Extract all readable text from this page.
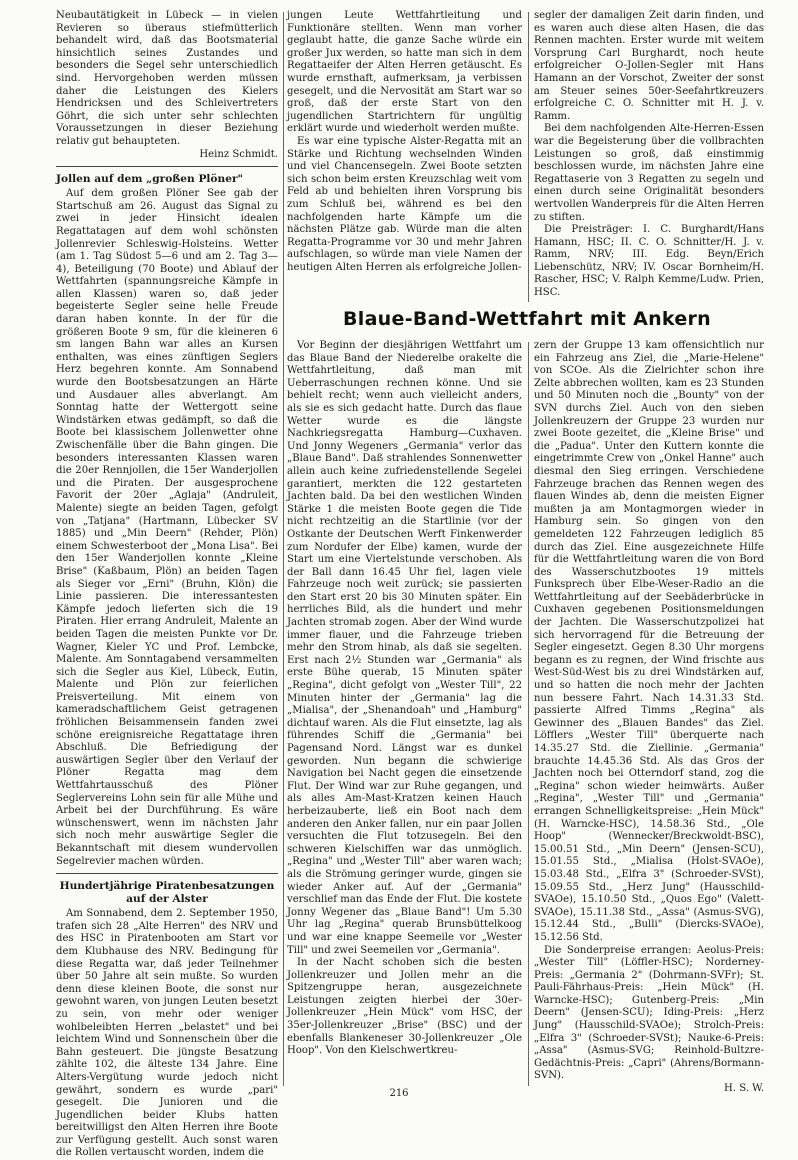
Neubautätigkeit in Lübeck — in vielen Revieren so überaus stiefmütterlich behandelt wird, daß das Bootsmaterial hinsichtlich seines Zustandes und besonders die Segel sehr unterschiedlich sind. Hervorgehoben werden müssen daher die Leistungen des Kielers Hendricksen und des Schleivertreters Göhrt, die sich unter sehr schlechten Voraussetzungen in dieser Beziehung relativ gut behaupteten.

Heinz Schmidt.

Jollen auf dem „großen Plöner"

Auf dem großen Plöner See gab der Startschuß am 26. August das Signal zu zwei in jeder Hinsicht idealen Regattatagen auf dem wohl schönsten Jollenrevier Schleswig-Holsteins. Wetter (am 1. Tag Südost 5—6 und am 2. Tag 3—4), Beteiligung (70 Boote) und Ablauf der Wettfahrten (spannungsreiche Kämpfe in allen Klassen) waren so, daß jeder begeisterte Segler seine helle Freude daran haben konnte. In der für die größeren Boote 9 sm, für die kleineren 6 sm langen Bahn war alles an Kursen enthalten, was eines zünftigen Seglers Herz begehren konnte. Am Sonnabend wurde den Bootsbesatzungen an Härte und Ausdauer alles abverlangt. Am Sonntag hatte der Wettergott seine Windstärken etwas gedämpft, so daß die Boote bei klassischem Jollenwetter ohne Zwischenfälle über die Bahn gingen. Die besonders interessanten Klassen waren die 20er Rennjollen, die 15er Wanderjollen und die Piraten. Der ausgesprochene Favorit der 20er „Aglaja" (Andruleit, Malente) siegte an beiden Tagen, gefolgt von „Tatjana" (Hartmann, Lübecker SV 1885) und „Min Deern" (Rehder, Plön) einem Schwesterboot der „Mona Lisa". Bei den 15er Wanderjollen konnte „Kleine Brise" (Kaßbaum, Plön) an beiden Tagen als Sieger vor „Erni" (Bruhn, Klön) die Linie passieren. Die interessantesten Kämpfe jedoch lieferten sich die 19 Piraten. Hier errang Andruleit, Malente an beiden Tagen die meisten Punkte vor Dr. Wagner, Kieler YC und Prof. Lembcke, Malente. Am Sonntagabend versammelten sich die Segler aus Kiel, Lübeck, Eutin, Malente und Plön zur feierlichen Preisverteilung. Mit einem von kameradschaftlichem Geist getragenen fröhlichen Beisammensein fanden zwei schöne ereignisreiche Regattatage ihren Abschluß. Die Befriedigung der auswärtigen Segler über den Verlauf der Plöner Regatta mag dem Wettfahrtausschuß des Plöner Seglervereins Lohn sein für alle Mühe und Arbeit bei der Durchführung. Es wäre wünschenswert, wenn im nächsten Jahr sich noch mehr auswärtige Segler die Bekanntschaft mit diesem wundervollen Segelrevier machen würden.

Hundertjährige Piratenbesatzungen auf der Alster

Am Sonnabend, dem 2. September 1950, trafen sich 28 „Alte Herren" des NRV und des HSC in Piratenbooten am Start vor dem Klubhause des NRV. Bedingung für diese Regatta war, daß jeder Teilnehmer über 50 Jahre alt sein mußte. So wurden denn diese kleinen Boote, die sonst nur gewohnt waren, von jungen Leuten besetzt zu sein, von mehr oder weniger wohlbeleibten Herren „belastet" und bei leichtem Wind und Sonnenschein über die Bahn gesteuert. Die jüngste Besatzung zählte 102, die älteste 134 Jahre. Eine Alters-Vergütung wurde jedoch nicht gewährt, sondern es wurde „pari" gesegelt. Die Junioren und die Jugendlichen beider Klubs hatten bereitwilligst den Alten Herren ihre Boote zur Verfügung gestellt. Auch sonst waren die Rollen vertauscht worden, indem die

jungen Leute Wettfahrtleitung und Funktionäre stellten. Wenn man vorher geglaubt hatte, die ganze Sache würde ein großer Jux werden, so hatte man sich in dem Regattaeifer der Alten Herren getäuscht. Es wurde ernsthaft, aufmerksam, ja verbissen gesegelt, und die Nervosität am Start war so groß, daß der erste Start von den jugendlichen Startrichtern für ungültig erklärt wurde und wiederholt werden mußte.

Es war eine typische Alster-Regatta mit an Stärke und Richtung wechselnden Winden und viel Chancensegeln. Zwei Boote setzten sich schon beim ersten Kreuzschlag weit vom Feld ab und behielten ihren Vorsprung bis zum Schluß bei, während es bei den nachfolgenden harte Kämpfe um die nächsten Plätze gab. Würde man die alten Regatta-Programme vor 30 und mehr Jahren aufschlagen, so würde man viele Namen der heutigen Alten Herren als erfolgreiche Jollen-

segler der damaligen Zeit darin finden, und es waren auch diese alten Hasen, die das Rennen machten. Erster wurde mit weitem Vorsprung Carl Burghardt, noch heute erfolgreicher O-Jollen-Segler mit Hans Hamann an der Vorschot, Zweiter der sonst am Steuer seines 50er-Seefahrtkreuzers erfolgreiche C. O. Schnitter mit H. J. v. Ramm.

Bei dem nachfolgenden Alte-Herren-Essen war die Begeisterung über die vollbrachten Leistungen so groß, daß einstimmig beschlossen wurde, im nächsten Jahre eine Regattaserie von 3 Regatten zu segeln und einen durch seine Originalität besonders wertvollen Wanderpreis für die Alten Herren zu stiften.

Die Preisträger: I. C. Burghardt/Hans Hamann, HSC; II. C. O. Schnitter/H. J. v. Ramm, NRV; III. Edg. Beyn/Erich Liebenschütz, NRV; IV. Oscar Bornheim/H. Rascher, HSC; V. Ralph Kemme/Ludw. Prien, HSC.

Blaue-Band-Wettfahrt mit Ankern

Vor Beginn der diesjährigen Wettfahrt um das Blaue Band der Niederelbe orakelte die Wettfahrtleitung, daß man mit Ueberraschungen rechnen könne. Und sie behielt recht; wenn auch vielleicht anders, als sie es sich gedacht hatte. Durch das flaue Wetter wurde es die längste Nachkriegsregatta Hamburg—Cuxhaven. Und Jonny Wegeners „Germania" verlor das „Blaue Band". Daß strahlendes Sonnenwetter allein auch keine zufriedenstellende Segelei garantiert, merkten die 122 gestarteten Jachten bald. Da bei den westlichen Winden Stärke 1 die meisten Boote gegen die Tide nicht rechtzeitig an die Startlinie (vor der Ostkante der Deutschen Werft Finkenwerder zum Nordufer der Elbe) kamen, wurde der Start um eine Viertelstunde verschoben. Als der Ball dann 16.45 Uhr fiel, lagen viele Fahrzeuge noch weit zurück; sie passierten den Start erst 20 bis 30 Minuten später. Ein herrliches Bild, als die hundert und mehr Jachten stromab zogen. Aber der Wind wurde immer flauer, und die Fahrzeuge trieben mehr den Strom hinab, als daß sie segelten. Erst nach 2½ Stunden war „Germania" als erste Bühe querab, 15 Minuten später „Regina", dicht gefolgt von „Wester Till", 22 Minuten hinter der „Germania" lag die „Mialisa", der „Shenandoah" und „Hamburg" dichtauf waren. Als die Flut einsetzte, lag als führendes Schiff die „Germania" bei Pagensand Nord. Längst war es dunkel geworden. Nun begann die schwierige Navigation bei Nacht gegen die einsetzende Flut. Der Wind war zur Ruhe gegangen, und als alles Am-Mast-Kratzen keinen Hauch herbeizauberte, ließ ein Boot nach dem anderen den Anker fallen, nur ein paar Jollen versuchten die Flut totzusegeln. Bei den schweren Kielschiffen war das unmöglich. „Regina" und „Wester Till" aber waren wach; als die Strömung geringer wurde, gingen sie wieder Anker auf. Auf der „Germania" verschlief man das Ende der Flut. Die kostete Jonny Wegener das „Blaue Band"! Um 5.30 Uhr lag „Regina" querab Brunsbüttelkoog und war eine knappe Seemeile vor „Wester Till" und zwei Seemeilen vor „Germania".

In der Nacht schoben sich die besten Jollenkreuzer und Jollen mehr an die Spitzengruppe heran, ausgezeichnete Leistungen zeigten hierbei der 30er-Jollenkreuzer „Hein Mück" vom HSC, der 35er-Jollenkreuzer „Brise" (BSC) und der ebenfalls Blankeneser 30-Jollenkreuzer „Ole Hoop". Von den Kielschwertkreu-

zern der Gruppe 13 kam offensichtlich nur ein Fahrzeug ans Ziel, die „Marie-Helene" von SCOe. Als die Zielrichter schon ihre Zelte abbrechen wollten, kam es 23 Stunden und 50 Minuten noch die „Bounty" von der SVN durchs Ziel. Auch von den sieben Jollenkreuzern der Gruppe 23 wurden nur zwei Boote gezeitet, die „Kleine Brise" und die „Padua". Unter den Kuttern konnte die eingetrimmte Crew von „Onkel Hanne" auch diesmal den Sieg erringen. Verschiedene Fahrzeuge brachen das Rennen wegen des flauen Windes ab, denn die meisten Eigner mußten ja am Montagmorgen wieder in Hamburg sein. So gingen von den gemeldeten 122 Fahrzeugen lediglich 85 durch das Ziel. Eine ausgezeichnete Hilfe für die Wettfahrtleitung waren die von Bord des Wasserschutzbootes 19 mittels Funksprech über Elbe-Weser-Radio an die Wettfahrtleitung auf der Seebäderbrücke in Cuxhaven gegebenen Positionsmeldungen der Jachten. Die Wasserschutzpolizei hat sich hervorragend für die Betreuung der Segler eingesetzt. Gegen 8.30 Uhr morgens begann es zu regnen, der Wind frischte aus West-Süd-West bis zu drei Windstärken auf, und so hatten die noch mehr der Jachten nun bessere Fahrt. Nach 14.31.33 Std. passierte Alfred Timms „Regina" als Gewinner des „Blauen Bandes" das Ziel. Löfflers „Wester Till" überquerte nach 14.35.27 Std. die Ziellinie. „Germania" brauchte 14.45.36 Std. Als das Gros der Jachten noch bei Otterndorf stand, zog die „Regina" schon wieder heimwärts. Außer „Regina", „Wester Till" und „Germania" errangen Schnelligkeitspreise: „Hein Mück" (H. Warncke-HSC), 14.58.36 Std., „Ole Hoop" (Wennecker/Breckwoldt-BSC), 15.00.51 Std., „Min Deern" (Jensen-SCU), 15.01.55 Std., „Mialisa (Holst-SVAOe), 15.03.48 Std., „Elfra 3" (Schroeder-SVSt), 15.09.55 Std., „Herz Jung" (Hausschild-SVAOe), 15.10.50 Std., „Quos Ego" (Valett-SVAOe), 15.11.38 Std., „Assa" (Asmus-SVG), 15.12.44 Std., „Bulli" (Diercks-SVAOe), 15.12.56 Std.

Die Sonderpreise errangen: Aeolus-Preis: „Wester Till" (Löffler-HSC); Norderney-Preis: „Germania 2" (Dohrmann-SVFr); St. Pauli-Fährhaus-Preis: „Hein Mück" (H. Warncke-HSC); Gutenberg-Preis: „Min Deern" (Jensen-SCU); Iding-Preis: „Herz Jung" (Hausschild-SVAOe); Strolch-Preis: „Elfra 3" (Schroeder-SVSt); Nauke-6-Preis: „Assa" (Asmus-SVG; Reinhold-Bultzre-Gedächtnis-Preis: „Capri" (Ahrens/Bormann-SVN).

H. S. W.

216
